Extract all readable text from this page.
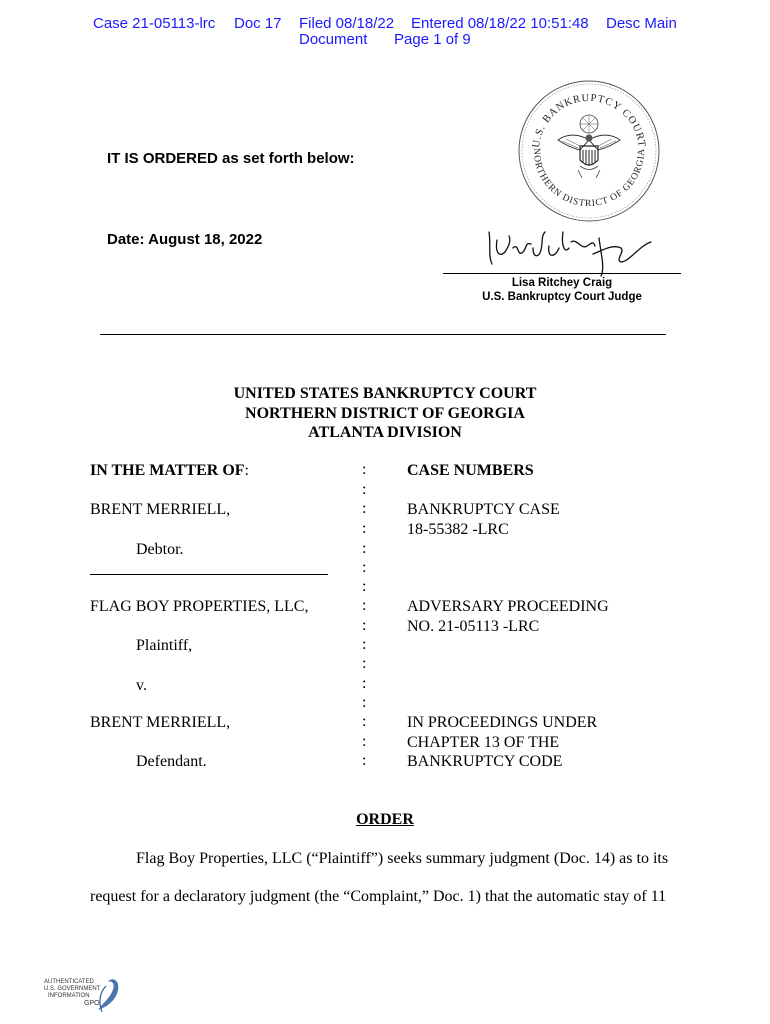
Case 21-05113-lrc Doc 17 Filed 08/18/22 Entered 08/18/22 10:51:48 Desc Main
Document Page 1 of 9
U.S. BANKRUPTCY COURT
NORTHERN DISTRICT OF GEORGIA
IT IS ORDERED as set forth below:
Date: August 18, 2022
Lisa Ritchey Craig
U.S. Bankruptcy Court Judge
UNITED STATES BANKRUPTCY COURT
NORTHERN DISTRICT OF GEORGIA
ATLANTA DIVISION
IN THE MATTER OF:
BRENT MERRIELL,
Debtor.
FLAG BOY PROPERTIES, LLC,
Plaintiff,
v.
BRENT MERRIELL,
Defendant.
:
:
:
:
:
:
:
:
:
:
:
:
:
:
:
:
CASE NUMBERS
BANKRUPTCY CASE
18-55382 -LRC
ADVERSARY PROCEEDING
NO. 21-05113 -LRC
IN PROCEEDINGS UNDER
CHAPTER 13 OF THE
BANKRUPTCY CODE
ORDER
Flag Boy Properties, LLC (“Plaintiff”) seeks summary judgment (Doc. 14) as to its
request for a declaratory judgment (the “Complaint,” Doc. 1) that the automatic stay of 11
AUTHENTICATED
U.S. GOVERNMENT
INFORMATION
GPO
